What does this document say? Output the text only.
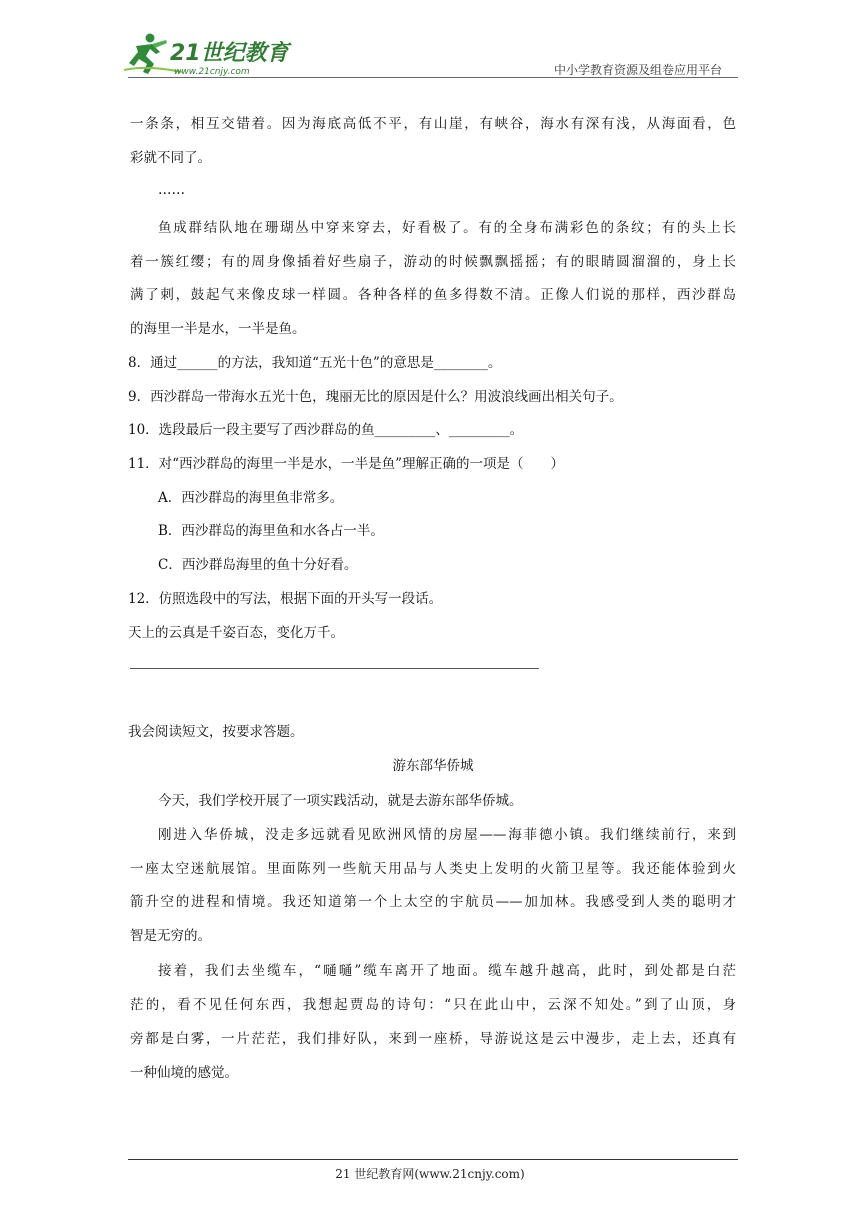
21世纪教育
www.21cnjy.com	中小学教育资源及组卷应用平台
一条条，相互交错着。因为海底高低不平，有山崖，有峡谷，海水有深有浅，从海面看，色
彩就不同了。
……
鱼成群结队地在珊瑚丛中穿来穿去，好看极了。有的全身布满彩色的条纹；有的头上长
着一簇红缨；有的周身像插着好些扇子，游动的时候飘飘摇摇；有的眼睛圆溜溜的，身上长
满了刺，鼓起气来像皮球一样圆。各种各样的鱼多得数不清。正像人们说的那样，西沙群岛
的海里一半是水，一半是鱼。
8．通过______的方法，我知道“五光十色”的意思是________。
9．西沙群岛一带海水五光十色，瑰丽无比的原因是什么？用波浪线画出相关句子。
10．选段最后一段主要写了西沙群岛的鱼_________、_________。
11．对“西沙群岛的海里一半是水，一半是鱼”理解正确的一项是（　　）
A．西沙群岛的海里鱼非常多。
B．西沙群岛的海里鱼和水各占一半。
C．西沙群岛海里的鱼十分好看。
12．仿照选段中的写法，根据下面的开头写一段话。
天上的云真是千姿百态，变化万千。
我会阅读短文，按要求答题。
游东部华侨城
今天，我们学校开展了一项实践活动，就是去游东部华侨城。
刚进入华侨城，没走多远就看见欧洲风情的房屋——海菲德小镇。我们继续前行，来到
一座太空迷航展馆。里面陈列一些航天用品与人类史上发明的火箭卫星等。我还能体验到火
箭升空的进程和情境。我还知道第一个上太空的宇航员——加加林。我感受到人类的聪明才
智是无穷的。
接着，我们去坐缆车，“嗵嗵”缆车离开了地面。缆车越升越高，此时，到处都是白茫
茫的，看不见任何东西，我想起贾岛的诗句：“只在此山中，云深不知处。”到了山顶，身
旁都是白雾，一片茫茫，我们排好队，来到一座桥，导游说这是云中漫步，走上去，还真有
一种仙境的感觉。
21 世纪教育网(www.21cnjy.com)
